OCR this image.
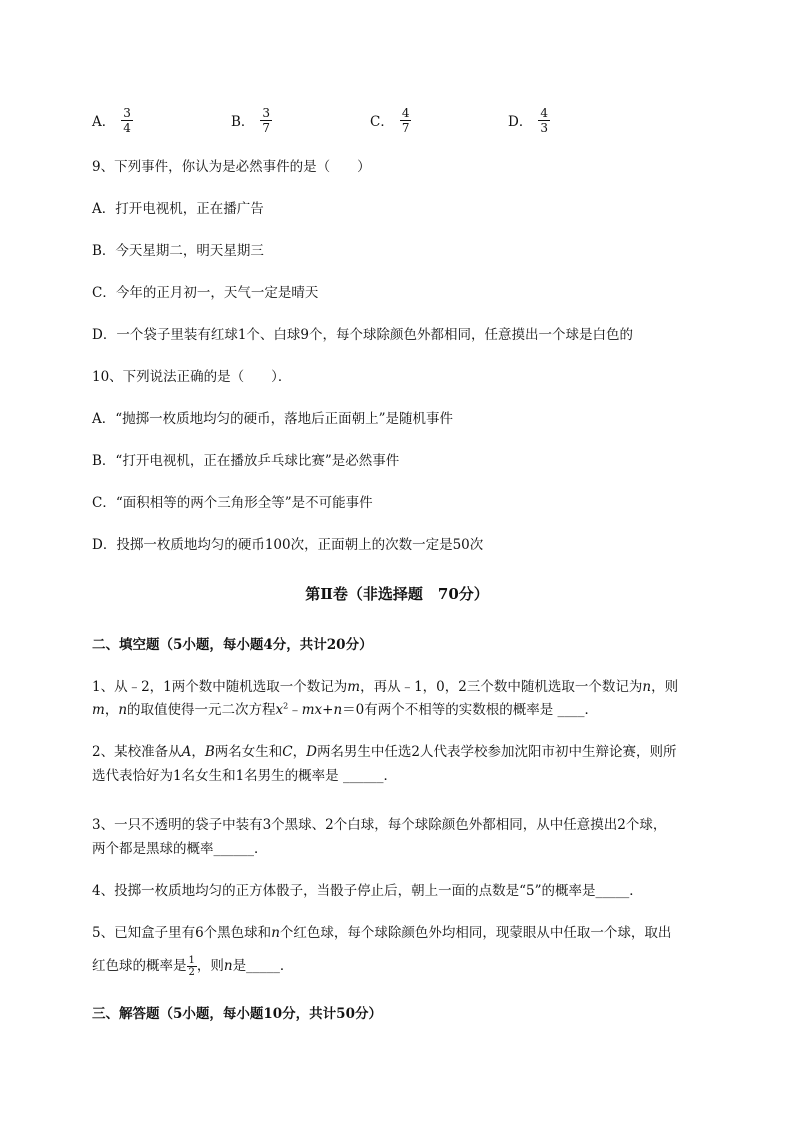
A． $\frac{3}{4}$	B． $\frac{3}{7}$	C． $\frac{4}{7}$	D． $\frac{4}{3}$
9、下列事件，你认为是必然事件的是（　　）
A．打开电视机，正在播广告
B．今天星期二，明天星期三
C．今年的正月初一，天气一定是晴天
D．一个袋子里装有红球1个、白球9个，每个球除颜色外都相同，任意摸出一个球是白色的
10、下列说法正确的是（　　）．
A．“抛掷一枚质地均匀的硬币，落地后正面朝上”是随机事件
B．“打开电视机，正在播放乒乓球比赛”是必然事件
C．“面积相等的两个三角形全等”是不可能事件
D．投掷一枚质地均匀的硬币100次，正面朝上的次数一定是50次
第Ⅱ卷（非选择题　70分）
二、填空题（5小题，每小题4分，共计20分）
1、从﹣2，1两个数中随机选取一个数记为m，再从﹣1，0，2三个数中随机选取一个数记为n，则
m，n的取值使得一元二次方程$x^2﹣mx+n=0$有两个不相等的实数根的概率是 ____．
2、某校准备从A，B两名女生和C，D两名男生中任选2人代表学校参加沈阳市初中生辩论赛，则所
选代表恰好为1名女生和1名男生的概率是 ______．
3、一只不透明的袋子中装有3个黑球、2个白球，每个球除颜色外都相同，从中任意摸出2个球，
两个都是黑球的概率______．
4、投掷一枚质地均匀的正方体骰子，当骰子停止后，朝上一面的点数是“5”的概率是_____．
5、已知盒子里有6个黑色球和n个红色球，每个球除颜色外均相同，现蒙眼从中任取一个球，取出
红色球的概率是 $\frac{1}{2}$ ，则n是_____．
三、解答题（5小题，每小题10分，共计50分）
